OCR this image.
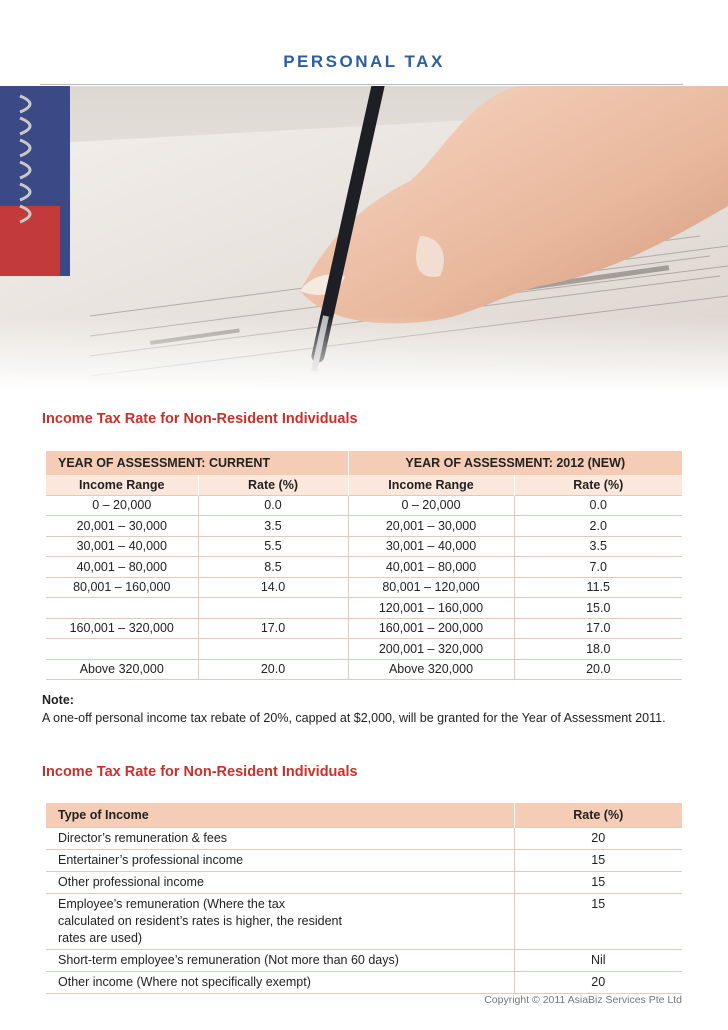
PERSONAL TAX
Income Tax Rate for Non-Resident Individuals
YEAR OF ASSESSMENT: CURRENT		YEAR OF ASSESSMENT: 2012 (NEW)	
Income Range	Rate (%)	Income Range	Rate (%)
0 – 20,000	0.0	0 – 20,000	0.0
20,001 – 30,000	3.5	20,001 – 30,000	2.0
30,001 – 40,000	5.5	30,001 – 40,000	3.5
40,001 – 80,000	8.5	40,001 – 80,000	7.0
80,001 – 160,000	14.0	80,001 – 120,000	11.5
		120,001 – 160,000	15.0
160,001 – 320,000	17.0	160,001 – 200,000	17.0
		200,001 – 320,000	18.0
Above 320,000	20.0	Above 320,000	20.0
Note:
A one-off personal income tax rebate of 20%, capped at $2,000, will be granted for the Year of Assessment 2011.
Income Tax Rate for Non-Resident Individuals
Type of Income	Rate (%)
Director’s remuneration & fees	20
Entertainer’s professional income	15
Other professional income	15
Employee’s remuneration (Where the tax calculated on resident’s rates is higher, the resident rates are used)	15
Short-term employee’s remuneration (Not more than 60 days)	Nil
Other income (Where not specifically exempt)	20
Copyright © 2011 AsiaBiz Services Pte Ltd
